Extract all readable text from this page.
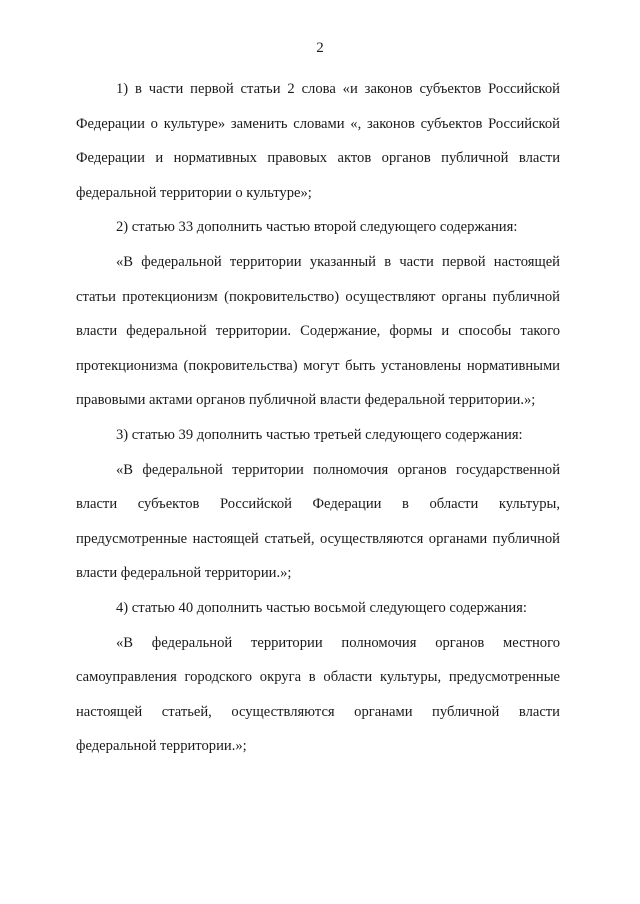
2

1) в части первой статьи 2 слова «и законов субъектов Российской Федерации о культуре» заменить словами «, законов субъектов Российской Федерации и нормативных правовых актов органов публичной власти федеральной территории о культуре»;

2) статью 33 дополнить частью второй следующего содержания:

«В федеральной территории указанный в части первой настоящей статьи протекционизм (покровительство) осуществляют органы публичной власти федеральной территории. Содержание, формы и способы такого протекционизма (покровительства) могут быть установлены нормативными правовыми актами органов публичной власти федеральной территории.»;

3) статью 39 дополнить частью третьей следующего содержания:

«В федеральной территории полномочия органов государственной власти субъектов Российской Федерации в области культуры, предусмотренные настоящей статьей, осуществляются органами публичной власти федеральной территории.»;

4) статью 40 дополнить частью восьмой следующего содержания:

«В федеральной территории полномочия органов местного самоуправления городского округа в области культуры, предусмотренные настоящей статьей, осуществляются органами публичной власти федеральной территории.»;
